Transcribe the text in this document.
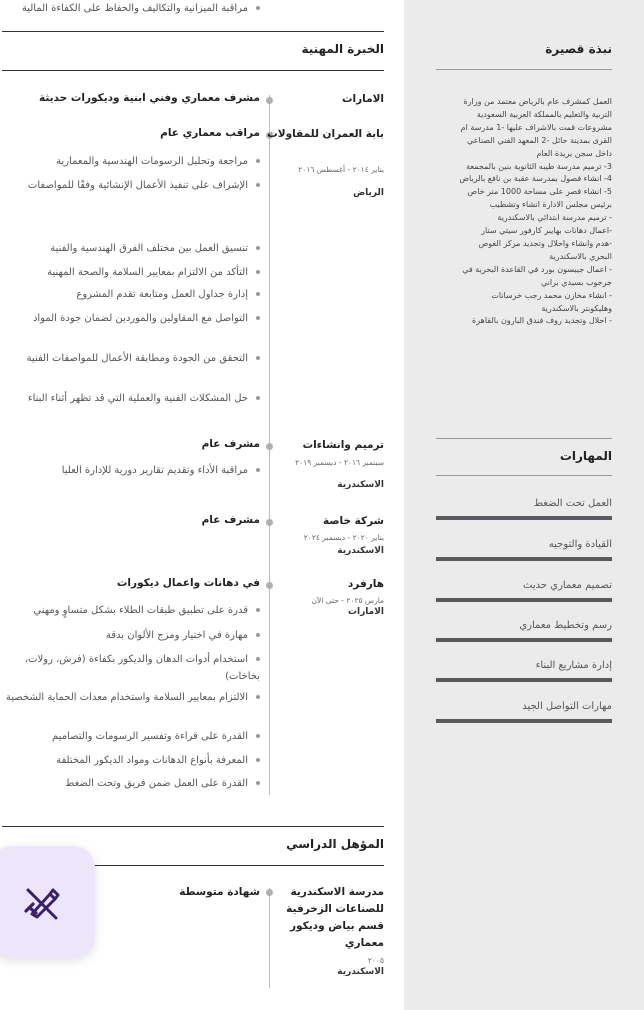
نبذة قصيرة
العمل كمشرف عام بالرياض معتمد من وزارة
التربية والتعليم بالمملكة العربية السعودية
مشروعات قمت بالاشراف عليها -1 مدرسة ام
القرى بمدينة حائل -2 المعهد الفني الصناعي
داخل سجن بريدة العام
3- ترميم مدرسة طيبه الثانوية بنين بالمجمعة
4- انشاء فصول بمدرسة عقبة بن نافع بالرياض
5- انشاء قصر على مساحة 1000 متر خاص
برئيس مجلس الادارة انشاء وتشطيب
- ترميم مدرسة ابتدائي بالاسكندرية
-اعمال دهانات بهايبر كارفور سيتي ستار
-هدم وانشاء واحلال وتجديد مركز الغوص
البحري بالاسكندرية
- اعمال جيبسون بورد في القاعدة البحرية في
جرجوب بسيدي براني
- انشاء مخازن محمد رجب خرسانات
وهليكوبتر بالاسكندرية
- احلال وتجديد روف فندق البارون بالقاهرة
المهارات
العمل تحت الضغط
القيادة والتوجيه
تصميم معماري حديث
رسم وتخطيط معماري
إدارة مشاريع البناء
مهارات التواصل الجيد
الخبرة المهنية
الامارات
مشرف معماري وفني ابنية وديكورات حديثة
بابة العمران للمقاولات
مراقب معماري عام
يناير ٢٠١٤ - أغسطس ٢٠١٦
الرياض
مراجعة وتحليل الرسومات الهندسية والمعمارية
الإشراف على تنفيذ الأعمال الإنشائية وفقًا للمواصفات
تنسيق العمل بين مختلف الفرق الهندسية والفنية
التأكد من الالتزام بمعايير السلامة والصحة المهنية
إدارة جداول العمل ومتابعة تقدم المشروع
التواصل مع المقاولين والموردين لضمان جودة المواد
التحقق من الجودة ومطابقة الأعمال للمواصفات الفنية
حل المشكلات الفنية والعملية التي قد تظهر أثناء البناء
مراقبة الميزانية والتكاليف والحفاظ على الكفاءة المالية
ترميم وانشاءات
مشرف عام
سبتمبر ٢٠١٦ - ديسمبر ٢٠١٩
الاسكندرية
مراقبة الأداء وتقديم تقارير دورية للإدارة العليا
شركة خاصة
مشرف عام
يناير ٢٠٢٠ - ديسمبر ٢٠٢٤
الاسكندرية
هارفرد
في دهانات واعمال ديكورات
مارس ٢٠٢٥ - حتى الآن
الامارات
قدرة على تطبيق طبقات الطلاء بشكل متساوٍ ومهني
مهارة في اختيار ومزج الألوان بدقة
استخدام أدوات الدهان والديكور بكفاءة (فرش، رولات، بخاخات)
الالتزام بمعايير السلامة واستخدام معدات الحماية الشخصية
القدرة على قراءة وتفسير الرسومات والتصاميم
المعرفة بأنواع الدهانات ومواد الديكور المختلفة
القدرة على العمل ضمن فريق وتحت الضغط
المؤهل الدراسي
مدرسة الاسكندرية للصناعات الزخرفية قسم بياض وديكور معماري
٢٠٠٥
الاسكندرية
شهادة متوسطة
